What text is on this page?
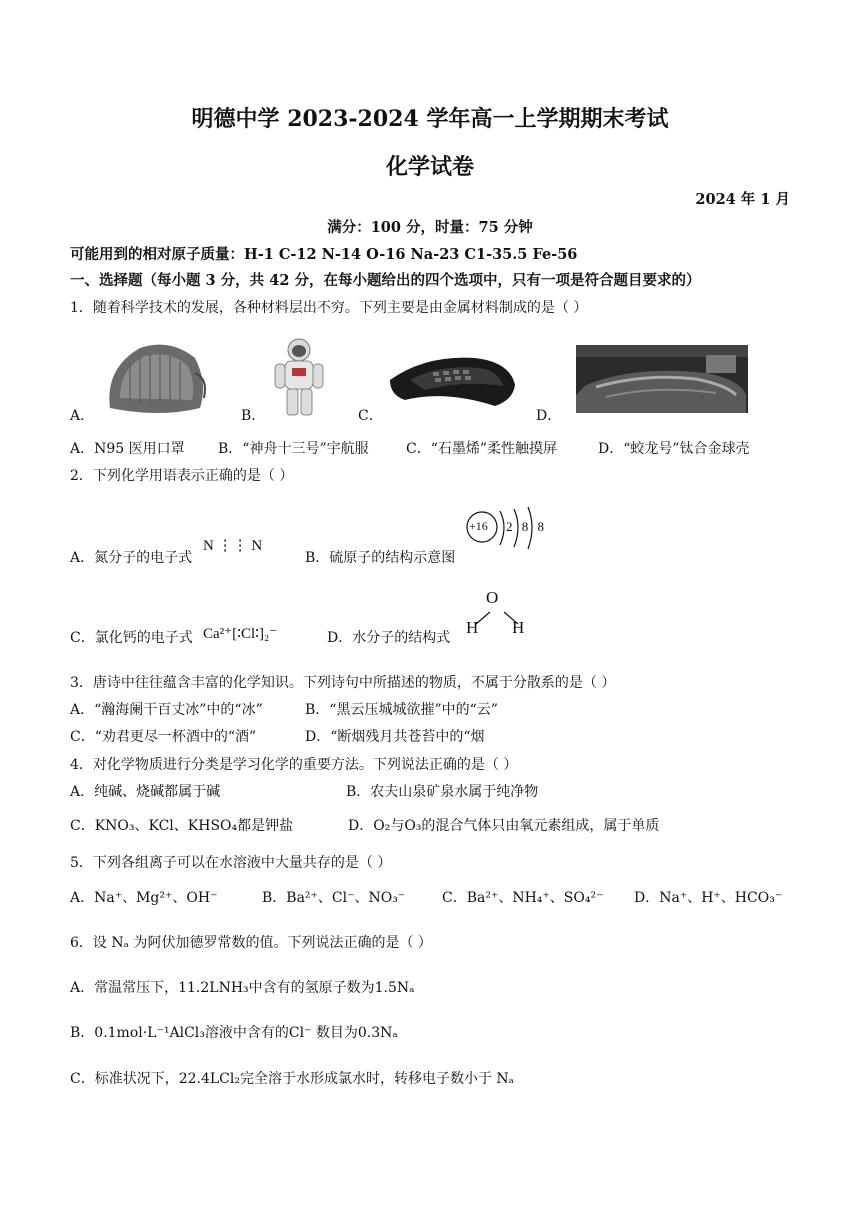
明德中学 2023-2024 学年高一上学期期末考试
化学试卷
2024 年 1 月
满分：100 分，时量：75 分钟
可能用到的相对原子质量：H-1 C-12 N-14 O-16 Na-23 C1-35.5 Fe-56
一、选择题（每小题 3 分，共 42 分，在每小题给出的四个选项中，只有一项是符合题目要求的）
1．随着科学技术的发展，各种材料层出不穷。下列主要是由金属材料制成的是（ ）
A．	B．	C．	D．
A．N95 医用口罩 B．“神舟十三号”宇航服	C．“石墨烯”柔性触摸屏	D．“蛟龙号”钛合金球壳
2．下列化学用语表示正确的是（ ）
A．氮分子的电子式
N ⋮⋮ N
B．硫原子的结构示意图
+16 2 8 8
C．氯化钙的电子式 Ca²⁺[∶Cl∶]₂⁻	D．水分子的结构式
O
H H
3．唐诗中往往蕴含丰富的化学知识。下列诗句中所描述的物质，不属于分散系的是（ ）
A．“瀚海阑干百丈冰”中的“冰”	B．“黑云压城城欲摧”中的“云”
C．“劝君更尽一杯酒中的“酒”	D．“断烟残月共苍苔中的“烟
4．对化学物质进行分类是学习化学的重要方法。下列说法正确的是（ ）
A．纯碱、烧碱都属于碱	B．农夫山泉矿泉水属于纯净物
C．KNO₃、KCl、KHSO₄都是钾盐	D．O₂与O₃的混合气体只由氧元素组成，属于单质
5．下列各组离子可以在水溶液中大量共存的是（ ）
A．Na⁺、Mg²⁺、OH⁻	B．Ba²⁺、Cl⁻、NO₃⁻	C．Ba²⁺、NH₄⁺、SO₄²⁻ D．Na⁺、H⁺、HCO₃⁻
6．设 Nₐ 为阿伏加德罗常数的值。下列说法正确的是（ ）
A．常温常压下，11.2LNH₃中含有的氢原子数为1.5Nₐ
B．0.1mol·L⁻¹AlCl₃溶液中含有的Cl⁻ 数目为0.3Nₐ
C．标准状况下，22.4LCl₂完全溶于水形成氯水时，转移电子数小于 Nₐ
